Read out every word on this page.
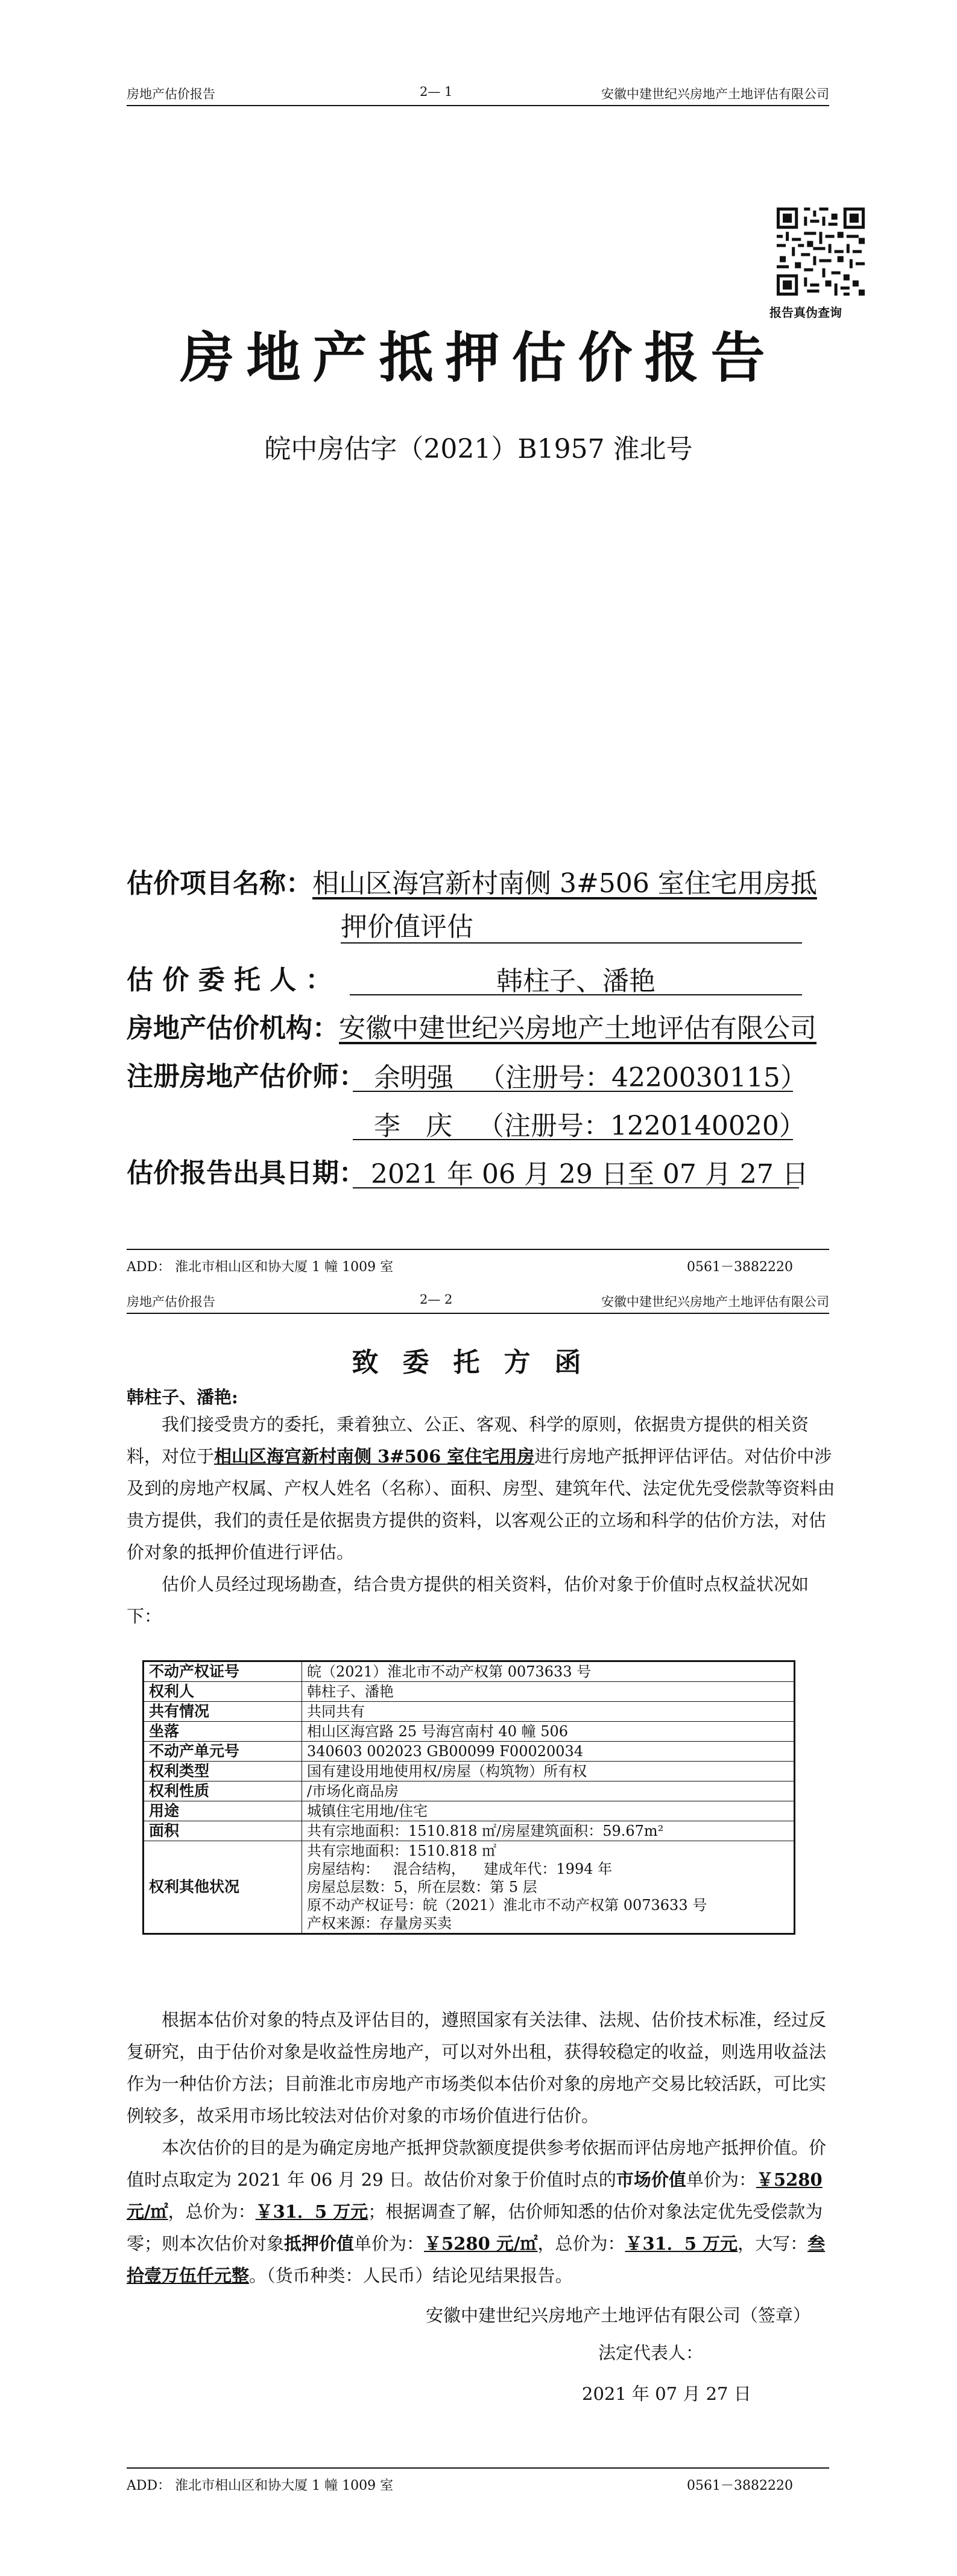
房地产估价报告	2— 1	安徽中建世纪兴房地产土地评估有限公司
报告真伪查询
房地产抵押估价报告
皖中房估字（2021）B1957 淮北号
估价项目名称：相山区海宫新村南侧 3#506 室住宅用房抵
押价值评估
估 价 委 托 人 ：	韩柱子、潘艳
房地产估价机构：安徽中建世纪兴房地产土地评估有限公司
注册房地产估价师： 余明强   （注册号：4220030115）
李   庆   （注册号：1220140020）
估价报告出具日期： 2021 年 06 月 29 日至 07 月 27 日
ADD： 淮北市相山区和协大厦 1 幢 1009 室	0561－3882220
房地产估价报告	2— 2	安徽中建世纪兴房地产土地评估有限公司
致委托方函
韩柱子、潘艳:
我们接受贵方的委托，秉着独立、公正、客观、科学的原则，依据贵方提供的相关资料，对位于相山区海宫新村南侧 3#506 室住宅用房进行房地产抵押评估评估。对估价中涉及到的房地产权属、产权人姓名（名称）、面积、房型、建筑年代、法定优先受偿款等资料由贵方提供，我们的责任是依据贵方提供的资料，以客观公正的立场和科学的估价方法，对估价对象的抵押价值进行评估。
估价人员经过现场勘查，结合贵方提供的相关资料，估价对象于价值时点权益状况如下：
不动产权证号	皖（2021）淮北市不动产权第 0073633 号
权利人	韩柱子、潘艳
共有情况	共同共有
坐落	相山区海宫路 25 号海宫南村 40 幢 506
不动产单元号	340603 002023 GB00099 F00020034
权利类型	国有建设用地使用权/房屋（构筑物）所有权
权利性质	/市场化商品房
用途	城镇住宅用地/住宅
面积	共有宗地面积：1510.818 ㎡/房屋建筑面积：59.67m²
权利其他状况	共有宗地面积：1510.818 ㎡
房屋结构：   混合结构，    建成年代：1994 年
房屋总层数：5，所在层数：第 5 层
原不动产权证号：皖（2021）淮北市不动产权第 0073633 号
产权来源：存量房买卖
根据本估价对象的特点及评估目的，遵照国家有关法律、法规、估价技术标准，经过反复研究，由于估价对象是收益性房地产，可以对外出租，获得较稳定的收益，则选用收益法作为一种估价方法；目前淮北市房地产市场类似本估价对象的房地产交易比较活跃，可比实例较多，故采用市场比较法对估价对象的市场价值进行估价。
本次估价的目的是为确定房地产抵押贷款额度提供参考依据而评估房地产抵押价值。价值时点取定为 2021 年 06 月 29 日。故估价对象于价值时点的市场价值单价为：￥5280 元/㎡，总价为：￥31．5 万元；根据调查了解，估价师知悉的估价对象法定优先受偿款为零；则本次估价对象抵押价值单价为：￥5280 元/㎡，总价为：￥31．5 万元，大写：叁拾壹万伍仟元整。（货币种类：人民币）结论见结果报告。
安徽中建世纪兴房地产土地评估有限公司（签章）
法定代表人：
2021 年 07 月 27 日
ADD： 淮北市相山区和协大厦 1 幢 1009 室	0561－3882220
